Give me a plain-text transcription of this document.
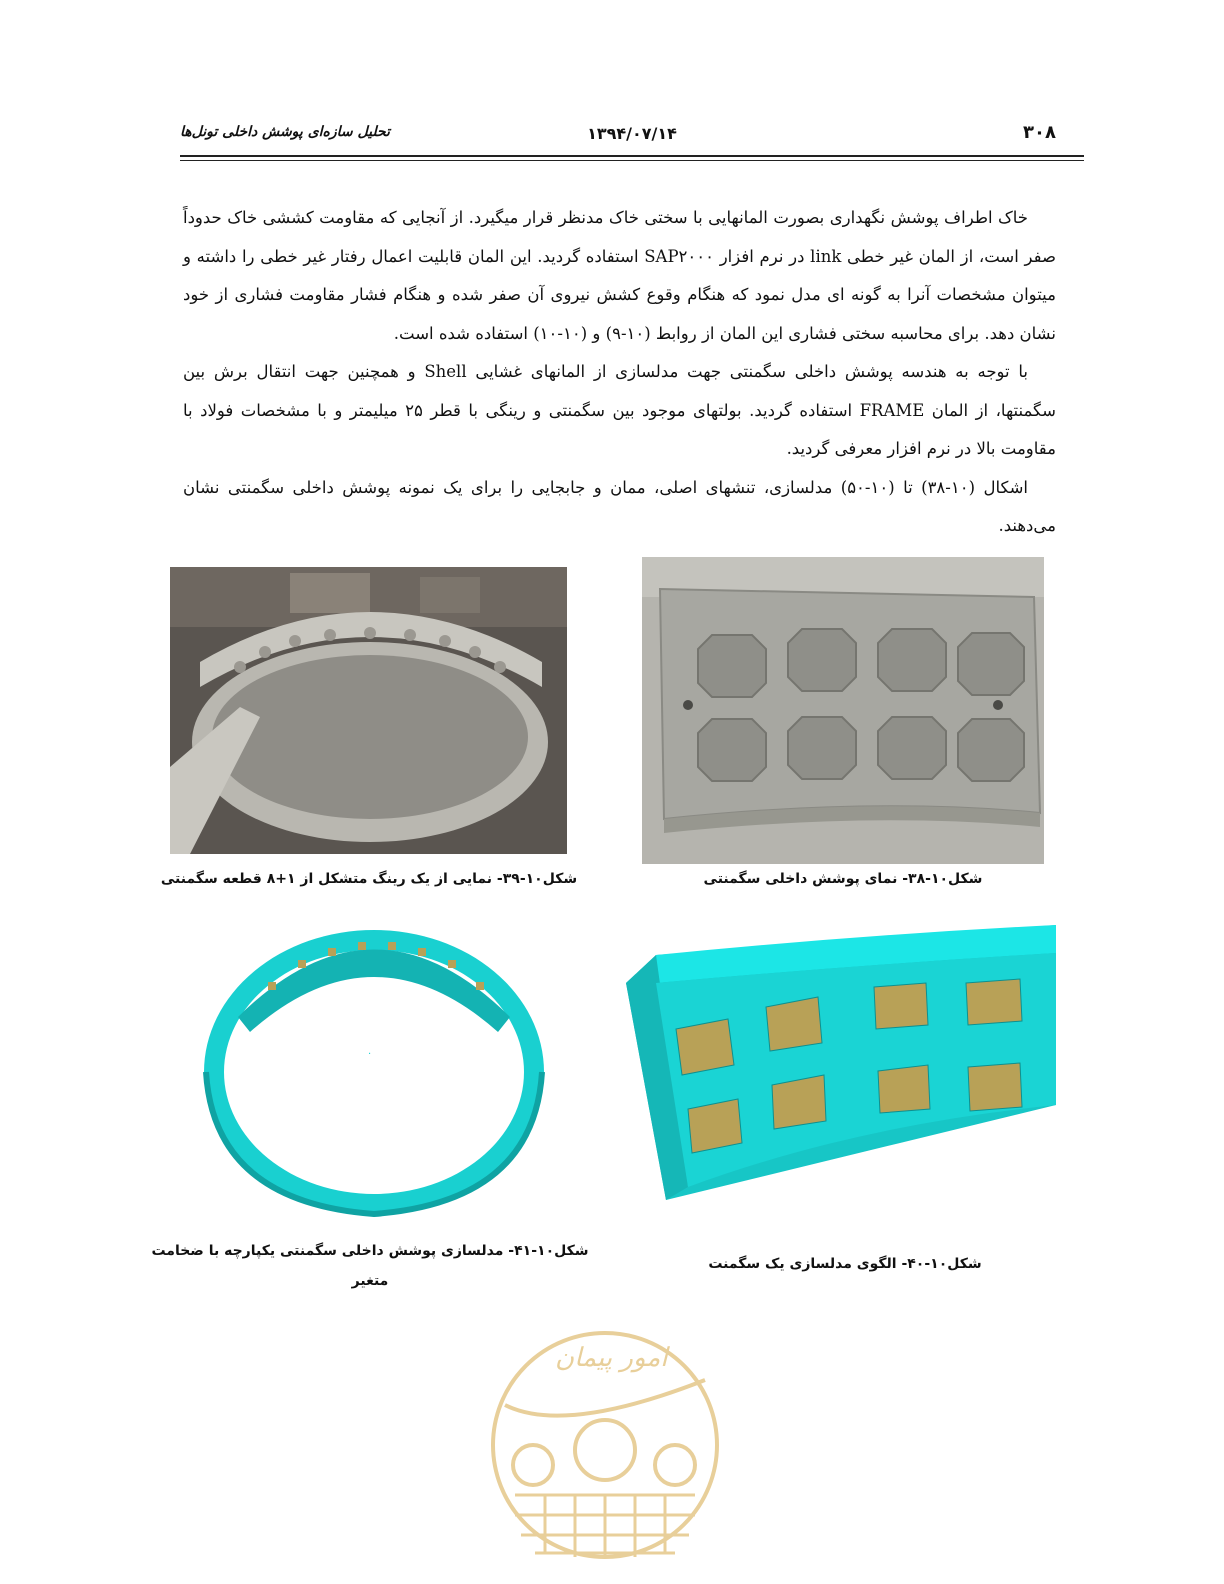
تحلیل سازه‌ای پوشش داخلی تونل‌ها	۱۳۹۴/۰۷/۱۴	۳۰۸

خاک اطراف پوشش نگهداری بصورت المانهایی با سختی خاک مدنظر قرار میگیرد. از آنجایی که مقاومت کششی خاک حدوداً صفر است، از المان غیر خطی link در نرم افزار SAP۲۰۰۰ استفاده گردید. این المان قابلیت اعمال رفتار غیر خطی را داشته و میتوان مشخصات آنرا به گونه ای مدل نمود که هنگام وقوع کشش نیروی آن صفر شده و هنگام فشار مقاومت فشاری از خود نشان دهد. برای محاسبه سختی فشاری این المان از روابط (۱۰-۹) و (۱۰-۱۰) استفاده شده است.

با توجه به هندسه پوشش داخلی سگمنتی جهت مدلسازی از المانهای غشایی Shell و همچنین جهت انتقال برش بین سگمنتها، از المان FRAME استفاده گردید. بولتهای موجود بین سگمنتی و رینگی با قطر ۲۵ میلیمتر و با مشخصات فولاد با مقاومت بالا در نرم افزار معرفی گردید.

اشکال (۱۰-۳۸) تا (۱۰-۵۰) مدلسازی، تنشهای اصلی، ممان و جابجایی را برای یک نمونه پوشش داخلی سگمنتی نشان می‌دهند.

شکل۱۰-۳۸- نمای پوشش داخلی سگمنتی
شکل۱۰-۳۹- نمایی از یک رینگ متشکل از ۱+۸ قطعه سگمنتی
شکل۱۰-۴۰- الگوی مدلسازی یک سگمنت
.
شکل۱۰-۴۱- مدلسازی پوشش داخلی سگمنتی یکپارچه با ضخامت متغیر
امور پیمان
